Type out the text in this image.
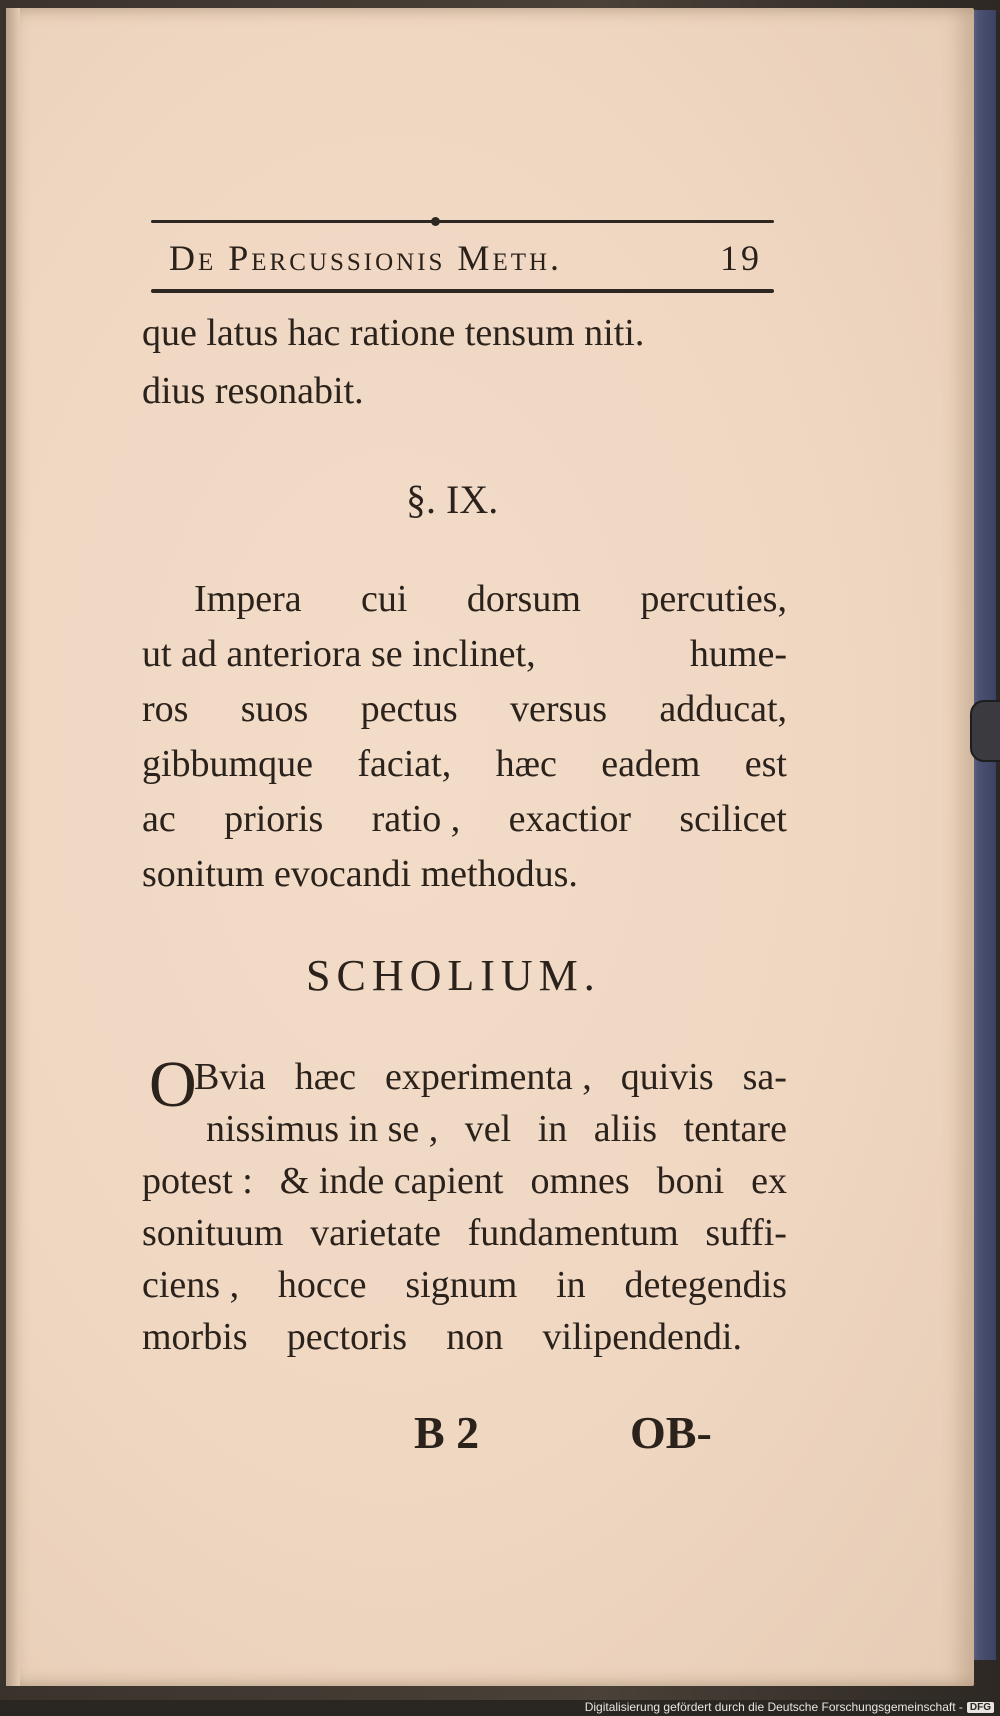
De Percussionis Meth.	19
que latus hac ratione tensum niti.
dius resonabit.
§. IX.
Impera cui dorsum percuties,
ut ad anteriora se inclinet,	hume-
ros suos pectus versus adducat,
gibbumque faciat, hæc eadem est
ac prioris ratio , exactior scilicet
sonitum evocandi methodus.
SCHOLIUM.
O
Bvia hæc experimenta , quivis sa-
nissimus in se , vel in aliis tentare
potest : & inde capient omnes boni ex
sonituum varietate fundamentum suffi-
ciens , hocce signum in detegendis
morbis pectoris non vilipendendi.
B 2	OB-
Digitalisierung gefördert durch die Deutsche Forschungsgemeinschaft - DFG
